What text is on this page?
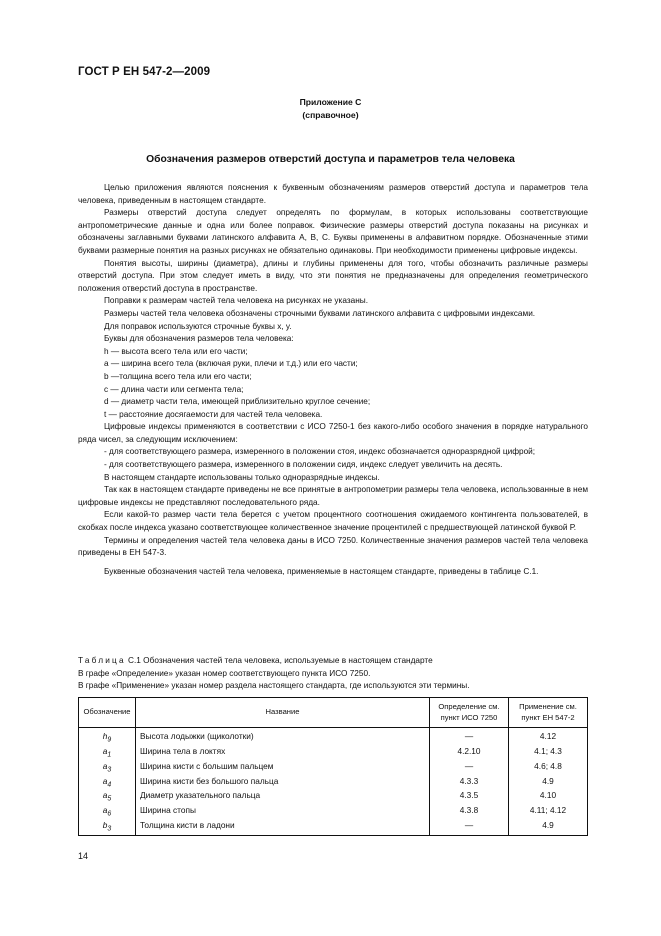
ГОСТ Р ЕН 547-2—2009
Приложение С
(справочное)
Обозначения размеров отверстий доступа и параметров тела человека

Целью приложения являются пояснения к буквенным обозначениям размеров отверстий доступа и параметров тела человека, приведенным в настоящем стандарте.

Размеры отверстий доступа следует определять по формулам, в которых использованы соответствующие антропометрические данные и одна или более поправок. Физические размеры отверстий доступа показаны на рисунках и обозначены заглавными буквами латинского алфавита А, В, С. Буквы применены в алфавитном порядке. Обозначенные этими буквами размерные понятия на разных рисунках не обязательно одинаковы. При необходимости применены цифровые индексы.

Понятия высоты, ширины (диаметра), длины и глубины применены для того, чтобы обозначить различные размеры отверстий доступа. При этом следует иметь в виду, что эти понятия не предназначены для определения геометрического положения отверстий доступа в пространстве.

Поправки к размерам частей тела человека на рисунках не указаны.

Размеры частей тела человека обозначены строчными буквами латинского алфавита с цифровыми индексами.

Для поправок используются строчные буквы х, у.

Буквы для обозначения размеров тела человека:

h — высота всего тела или его части;

а — ширина всего тела (включая руки, плечи и т.д.) или его части;

b —толщина всего тела или его части;

с — длина части или сегмента тела;

d — диаметр части тела, имеющей приблизительно круглое сечение;

t — расстояние досягаемости для частей тела человека.

Цифровые индексы применяются в соответствии с ИСО 7250-1 без какого-либо особого значения в порядке натурального ряда чисел, за следующим исключением:

- для соответствующего размера, измеренного в положении стоя, индекс обозначается одноразрядной цифрой;

- для соответствующего размера, измеренного в положении сидя, индекс следует увеличить на десять.

В настоящем стандарте использованы только одноразрядные индексы.

Так как в настоящем стандарте приведены не все принятые в антропометрии размеры тела человека, использованные в нем цифровые индексы не представляют последовательного ряда.

Если какой-то размер части тела берется с учетом процентного соотношения ожидаемого контингента пользователей, в скобках после индекса указано соответствующее количественное значение процентилей с предшествующей латинской буквой Р.

Термины и определения частей тела человека даны в ИСО 7250. Количественные значения размеров частей тела человека приведены в ЕН 547-3.

Буквенные обозначения частей тела человека, применяемые в настоящем стандарте, приведены в таблице С.1.

Таблица С.1 Обозначения частей тела человека, используемые в настоящем стандарте

В графе «Определение» указан номер соответствующего пункта ИСО 7250.

В графе «Применение» указан номер раздела настоящего стандарта, где используются эти термины.

Обозначение	Название	Определение см. пункт ИСО 7250	Применение см. пункт ЕН 547-2
$h_9$	Высота лодыжки (щиколотки)	—	4.12
$a_1$	Ширина тела в локтях	4.2.10	4.1; 4.3
$a_3$	Ширина кисти с большим пальцем	—	4.6; 4.8
$a_4$	Ширина кисти без большого пальца	4.3.3	4.9
$a_5$	Диаметр указательного пальца	4.3.5	4.10
$a_6$	Ширина стопы	4.3.8	4.11; 4.12
$b_3$	Толщина кисти в ладони	—	4.9
14
